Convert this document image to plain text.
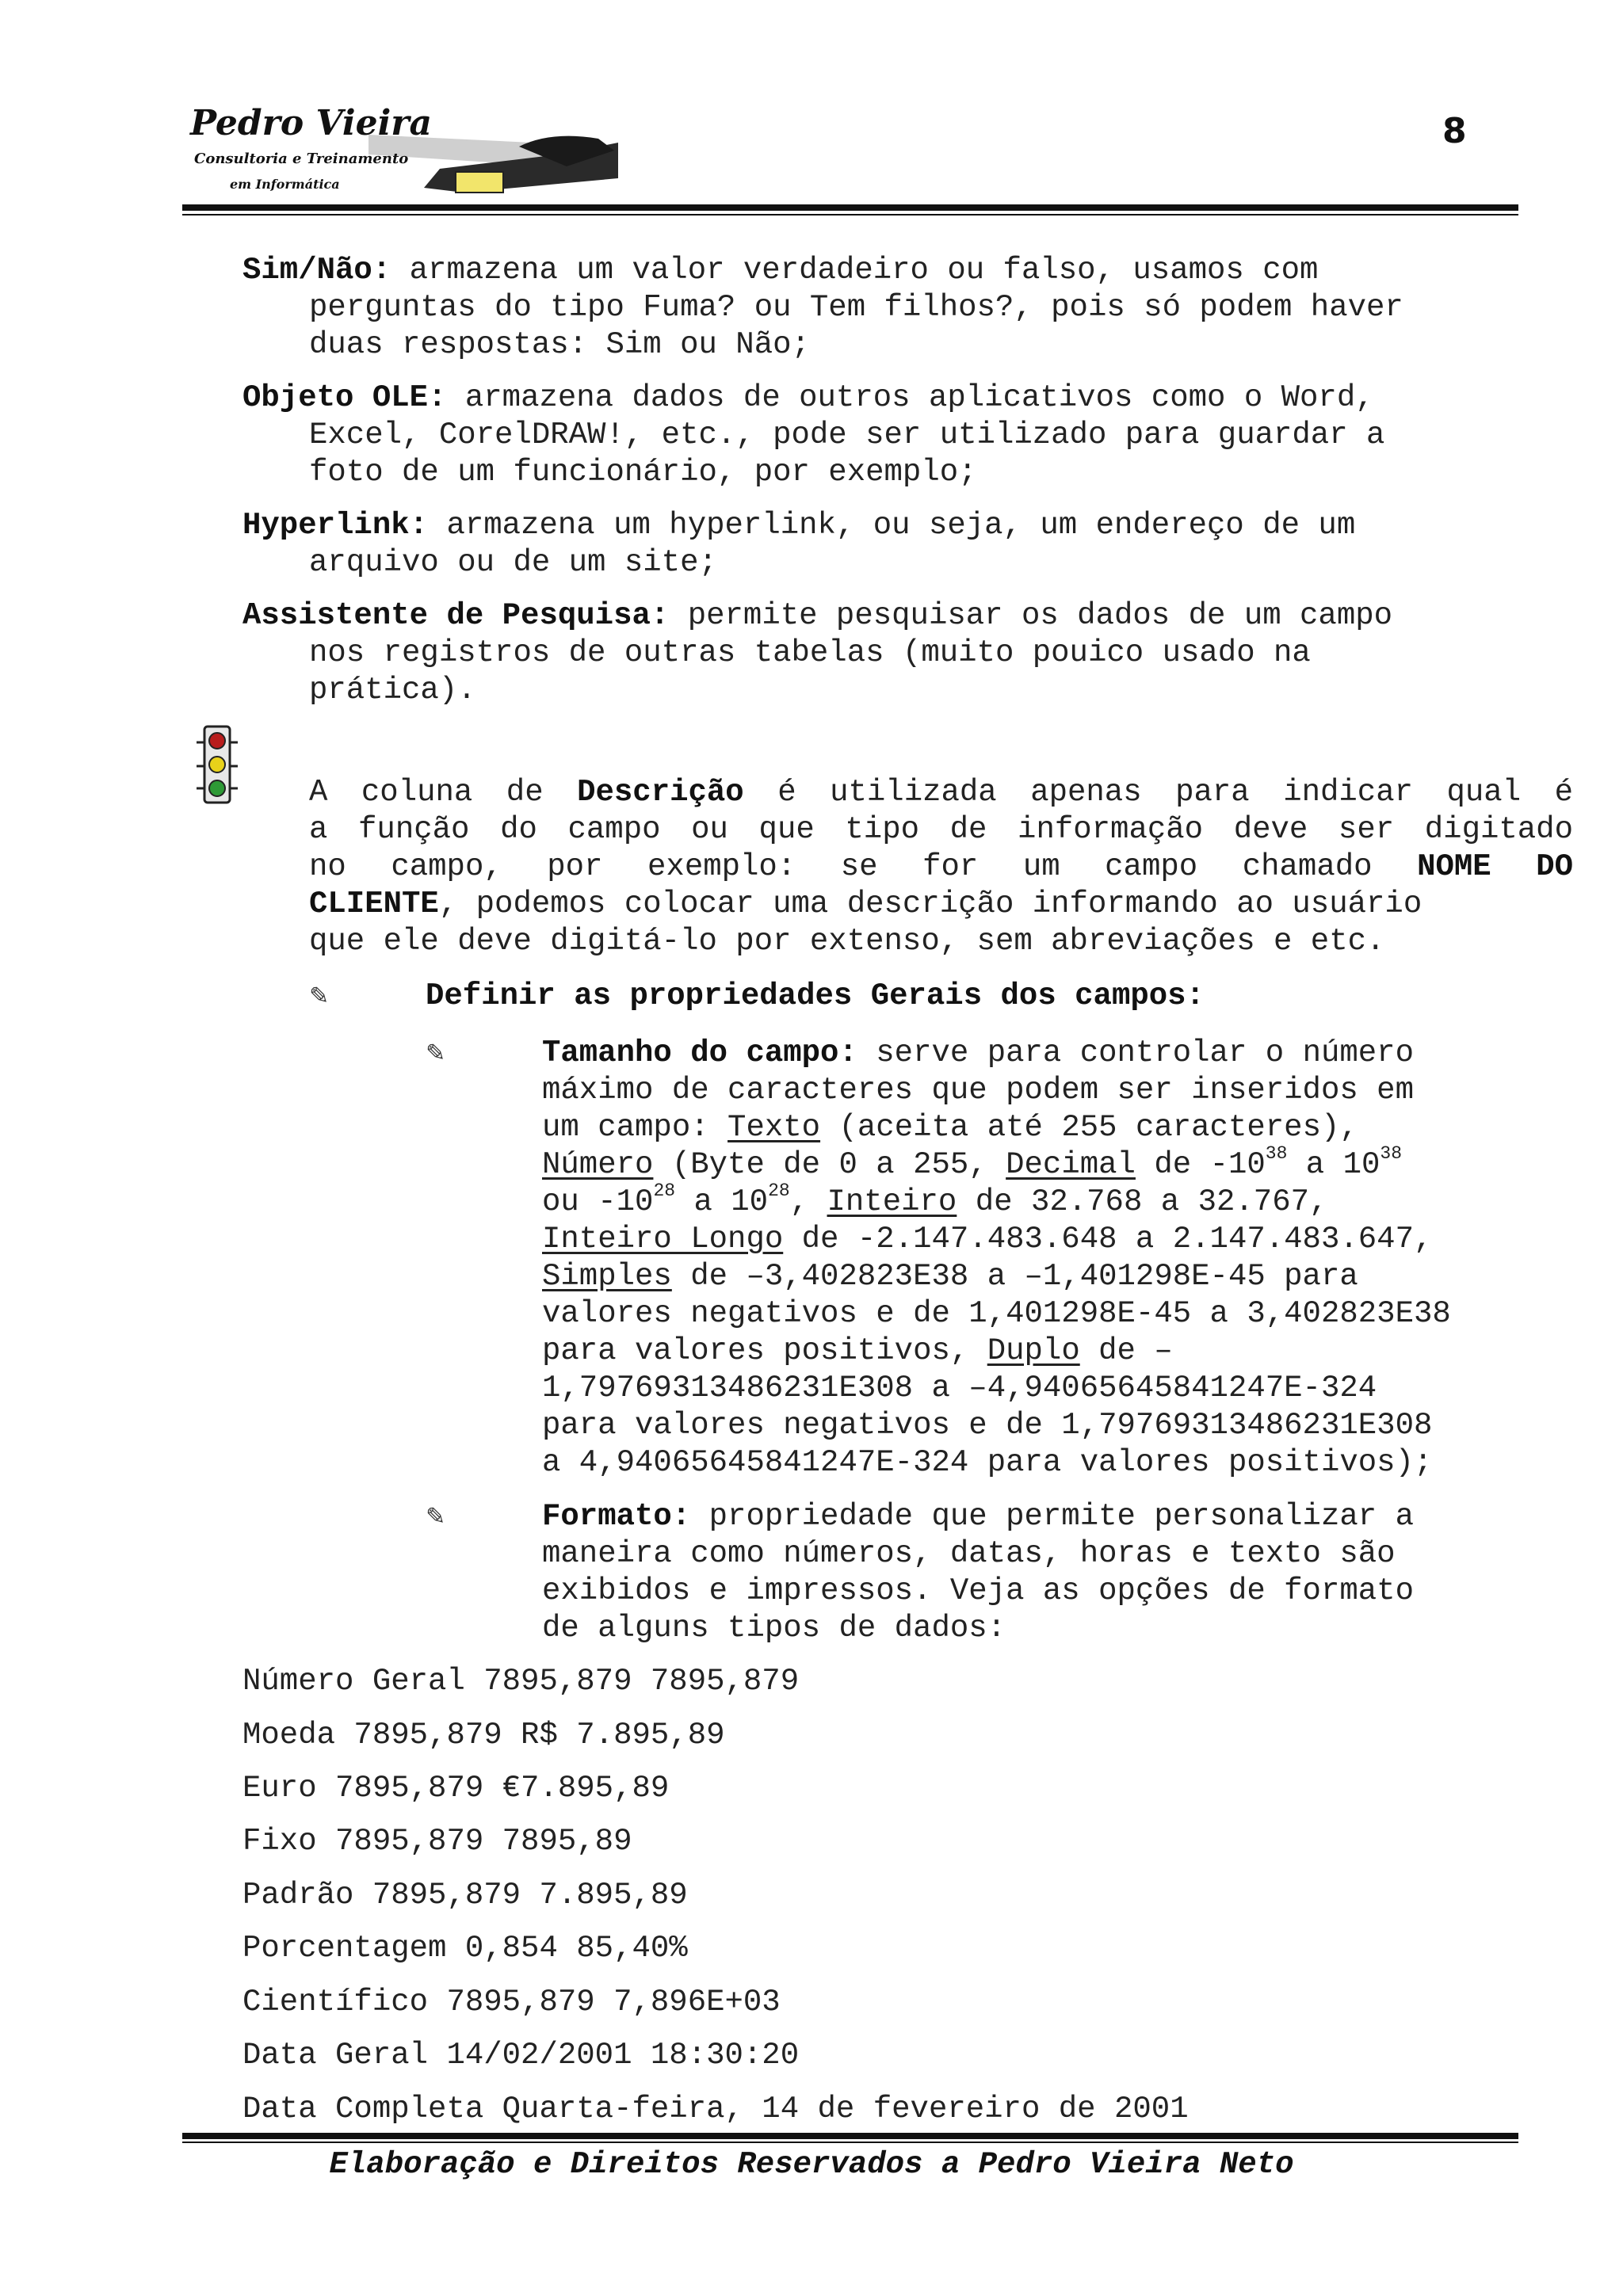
Pedro Vieira
Consultoria e Treinamento
em Informática
8
Sim/Não: armazena um valor verdadeiro ou falso, usamos com
perguntas do tipo Fuma? ou Tem filhos?, pois só podem haver
duas respostas: Sim ou Não;
Objeto OLE: armazena dados de outros aplicativos como o Word,
Excel, CorelDRAW!, etc., pode ser utilizado para guardar a
foto de um funcionário, por exemplo;
Hyperlink: armazena um hyperlink, ou seja, um endereço de um
arquivo ou de um site;
Assistente de Pesquisa: permite pesquisar os dados de um campo
nos registros de outras tabelas (muito pouico usado na
prática).
A coluna de Descrição é utilizada apenas para indicar qual é
a função do campo ou que tipo de informação deve ser digitado
no campo, por exemplo: se for um campo chamado NOME DO
CLIENTE, podemos colocar uma descrição informando ao usuário
que ele deve digitá-lo por extenso, sem abreviações e etc.
✎	Definir as propriedades Gerais dos campos:
✎	Tamanho do campo: serve para controlar o número
máximo de caracteres que podem ser inseridos em
um campo: Texto (aceita até 255 caracteres),
Número (Byte de 0 a 255, Decimal de $-10^{38}$ a $10^{38}$
ou $-10^{28}$ a $10^{28}$, Inteiro de 32.768 a 32.767,
Inteiro Longo de -2.147.483.648 a 2.147.483.647,
Simples de –3,402823E38 a –1,401298E-45 para
valores negativos e de 1,401298E-45 a 3,402823E38
para valores positivos, Duplo de –
1,79769313486231E308 a –4,94065645841247E-324
para valores negativos e de 1,79769313486231E308
a 4,94065645841247E-324 para valores positivos);
✎	Formato: propriedade que permite personalizar a
maneira como números, datas, horas e texto são
exibidos e impressos. Veja as opções de formato
de alguns tipos de dados:
Número Geral 7895,879 7895,879
Moeda 7895,879 R$ 7.895,89
Euro 7895,879 €7.895,89
Fixo 7895,879 7895,89
Padrão 7895,879 7.895,89
Porcentagem 0,854 85,40%
Científico 7895,879 7,896E+03
Data Geral 14/02/2001 18:30:20
Data Completa Quarta-feira, 14 de fevereiro de 2001
Elaboração e Direitos Reservados a Pedro Vieira Neto
